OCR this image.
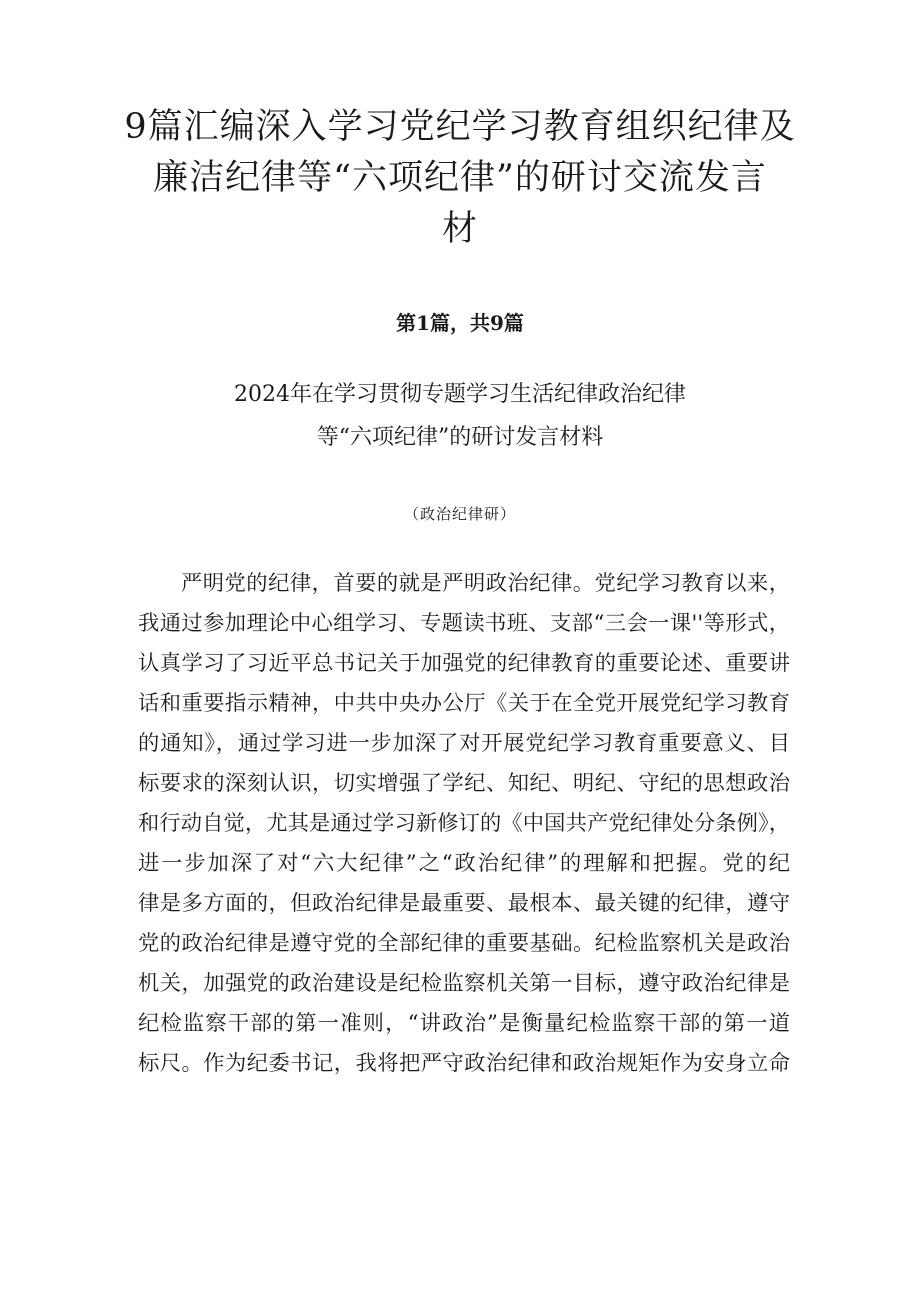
9篇汇编深入学习党纪学习教育组织纪律及
廉洁纪律等“六项纪律”的研讨交流发言
材
第1篇，共9篇
2024年在学习贯彻专题学习生活纪律政治纪律
等“六项纪律”的研讨发言材料
（政治纪律研）
严明党的纪律，首要的就是严明政治纪律。党纪学习教育以来，
我通过参加理论中心组学习、专题读书班、支部“三会一课''等形式，
认真学习了习近平总书记关于加强党的纪律教育的重要论述、重要讲
话和重要指示精神，中共中央办公厅《关于在全党开展党纪学习教育
的通知》，通过学习进一步加深了对开展党纪学习教育重要意义、目
标要求的深刻认识，切实增强了学纪、知纪、明纪、守纪的思想政治
和行动自觉，尤其是通过学习新修订的《中国共产党纪律处分条例》，
进一步加深了对“六大纪律”之“政治纪律”的理解和把握。党的纪
律是多方面的，但政治纪律是最重要、最根本、最关键的纪律，遵守
党的政治纪律是遵守党的全部纪律的重要基础。纪检监察机关是政治
机关，加强党的政治建设是纪检监察机关第一目标，遵守政治纪律是
纪检监察干部的第一准则，“讲政治”是衡量纪检监察干部的第一道
标尺。作为纪委书记，我将把严守政治纪律和政治规矩作为安身立命
